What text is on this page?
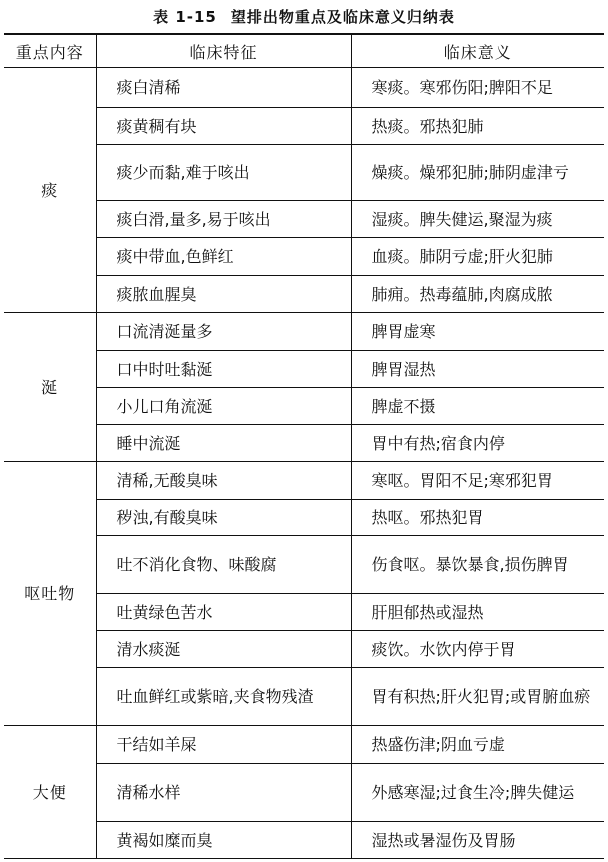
表 1-15 望排出物重点及临床意义归纳表
重点内容	临床特征	临床意义
痰	痰白清稀	寒痰。寒邪伤阳;脾阳不足
	痰黄稠有块	热痰。邪热犯肺
	痰少而黏,难于咳出	燥痰。燥邪犯肺;肺阴虚津亏
	痰白滑,量多,易于咳出	湿痰。脾失健运,聚湿为痰
	痰中带血,色鲜红	血痰。肺阴亏虚;肝火犯肺
	痰脓血腥臭	肺痈。热毒蕴肺,肉腐成脓
涎	口流清涎量多	脾胃虚寒
	口中时吐黏涎	脾胃湿热
	小儿口角流涎	脾虚不摄
	睡中流涎	胃中有热;宿食内停
呕吐物	清稀,无酸臭味	寒呕。胃阳不足;寒邪犯胃
	秽浊,有酸臭味	热呕。邪热犯胃
	吐不消化食物、味酸腐	伤食呕。暴饮暴食,损伤脾胃
	吐黄绿色苦水	肝胆郁热或湿热
	清水痰涎	痰饮。水饮内停于胃
	吐血鲜红或紫暗,夹食物残渣	胃有积热;肝火犯胃;或胃腑血瘀
大便	干结如羊屎	热盛伤津;阴血亏虚
	清稀水样	外感寒湿;过食生冷;脾失健运
	黄褐如糜而臭	湿热或暑湿伤及胃肠
